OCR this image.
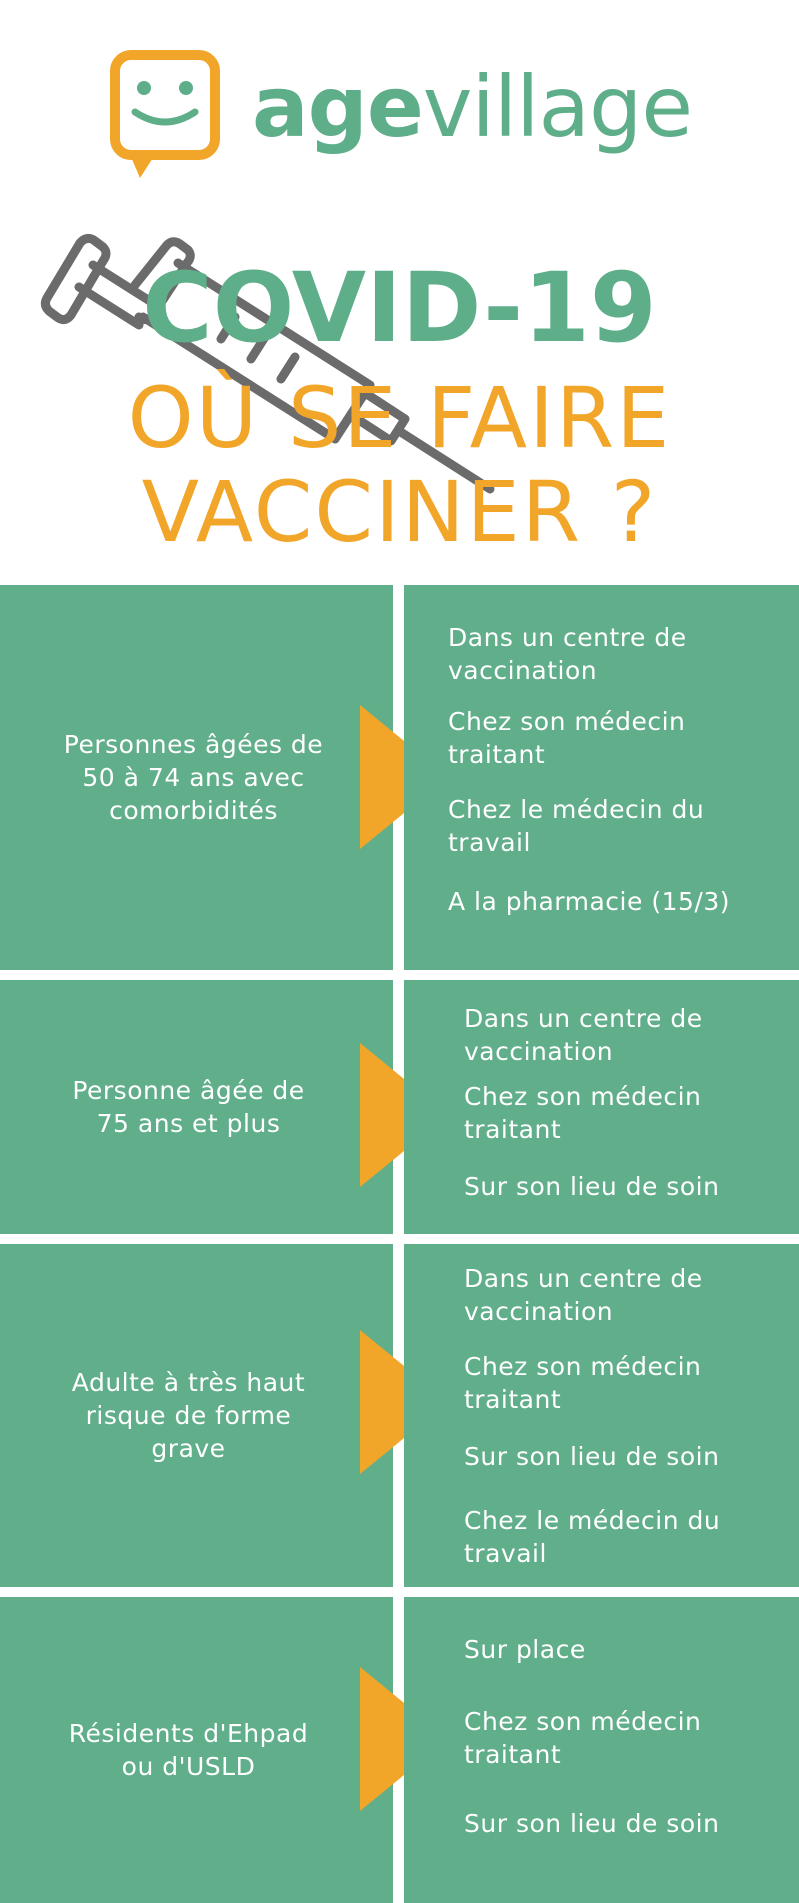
agevillage
COVID-19
OÙ SE FAIRE
VACCINER ?
Personnes âgées de
50 à 74 ans avec
comorbidités
Dans un centre de
vaccination
Chez son médecin
traitant
Chez le médecin du
travail
A la pharmacie (15/3)
Personne âgée de
75 ans et plus
Dans un centre de
vaccination
Chez son médecin
traitant
Sur son lieu de soin
Adulte à très haut
risque de forme
grave
Dans un centre de
vaccination
Chez son médecin
traitant
Sur son lieu de soin
Chez le médecin du
travail
Résidents d'Ehpad
ou d'USLD
Sur place
Chez son médecin
traitant
Sur son lieu de soin
